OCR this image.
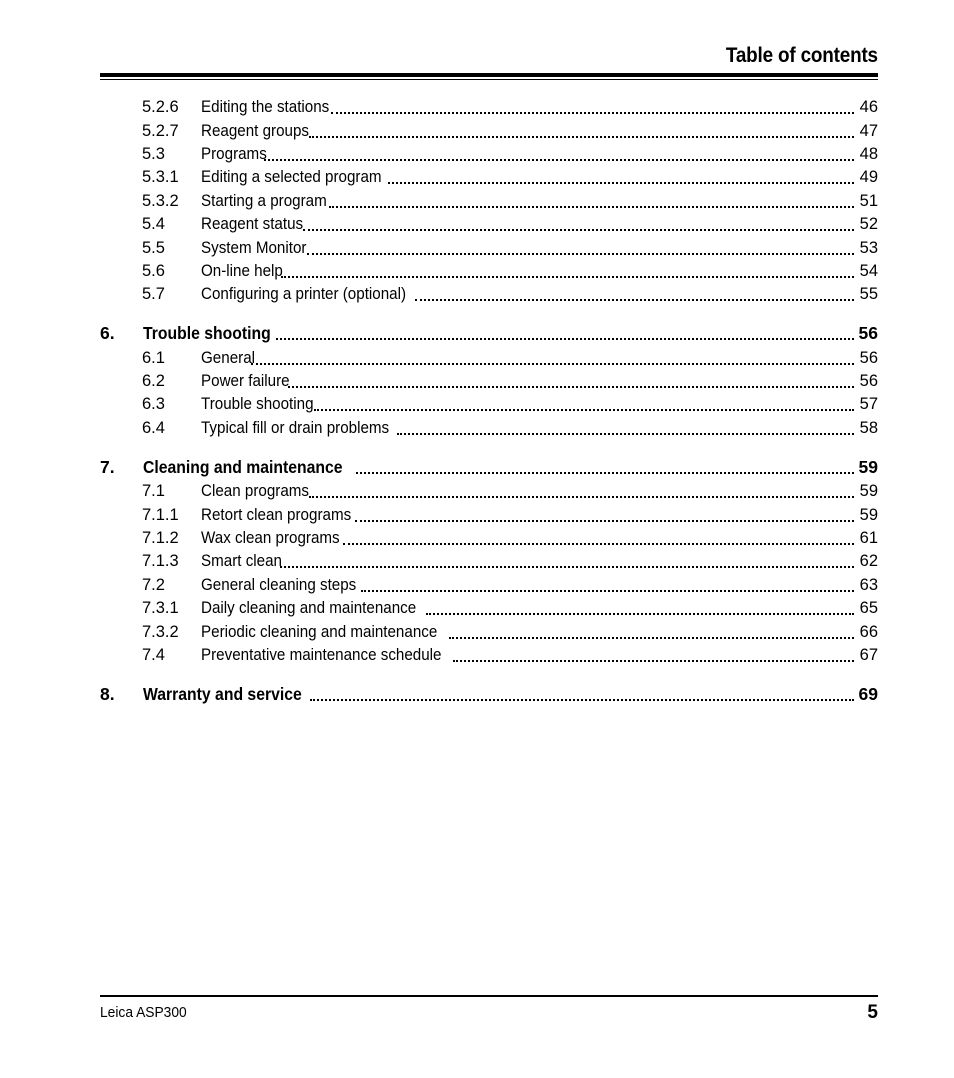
Table of contents
5.2.6 Editing the stations	46
5.2.7 Reagent groups	47
5.3 Programs	48
5.3.1 Editing a selected program	49
5.3.2 Starting a program	51
5.4 Reagent status	52
5.5 System Monitor	53
5.6 On-line help	54
5.7 Configuring a printer (optional)	55
6. Trouble shooting	56
6.1 General	56
6.2 Power failure	56
6.3 Trouble shooting	57
6.4 Typical fill or drain problems	58
7. Cleaning and maintenance	59
7.1 Clean programs	59
7.1.1 Retort clean programs	59
7.1.2 Wax clean programs	61
7.1.3 Smart clean	62
7.2 General cleaning steps	63
7.3.1 Daily cleaning and maintenance	65
7.3.2 Periodic cleaning and maintenance	66
7.4 Preventative maintenance schedule	67
8. Warranty and service	69
Leica ASP300	5
